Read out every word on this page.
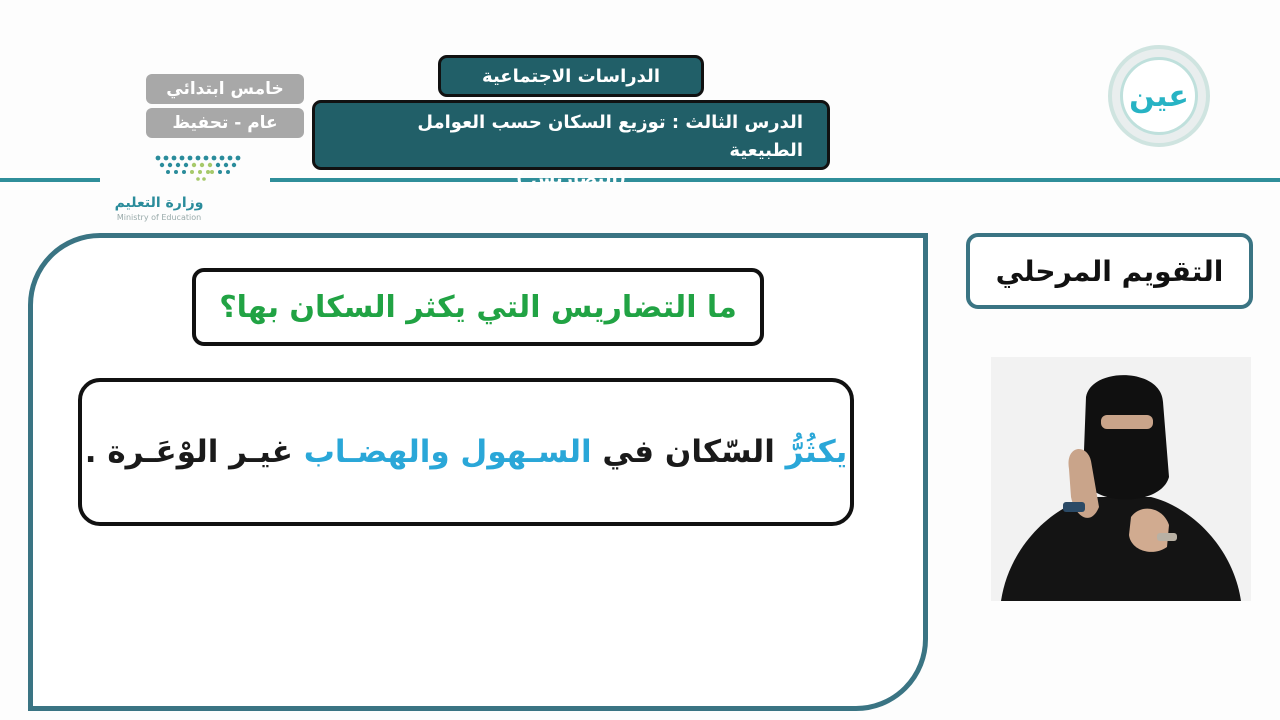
خامس ابتدائي
عام - تحفيظ
الدراسات الاجتماعية
الدرس الثالث : توزيع السكان حسب العوامل الطبيعية
(التضاريس )
وزارة التعليم
Ministry of Education
عين
ما التضاريس التي يكثر السكان بها؟
يكثُرُّ
السّكان في
السـهول والهضـاب
غيـر الوْعَـرة .
التقويم المرحلي
